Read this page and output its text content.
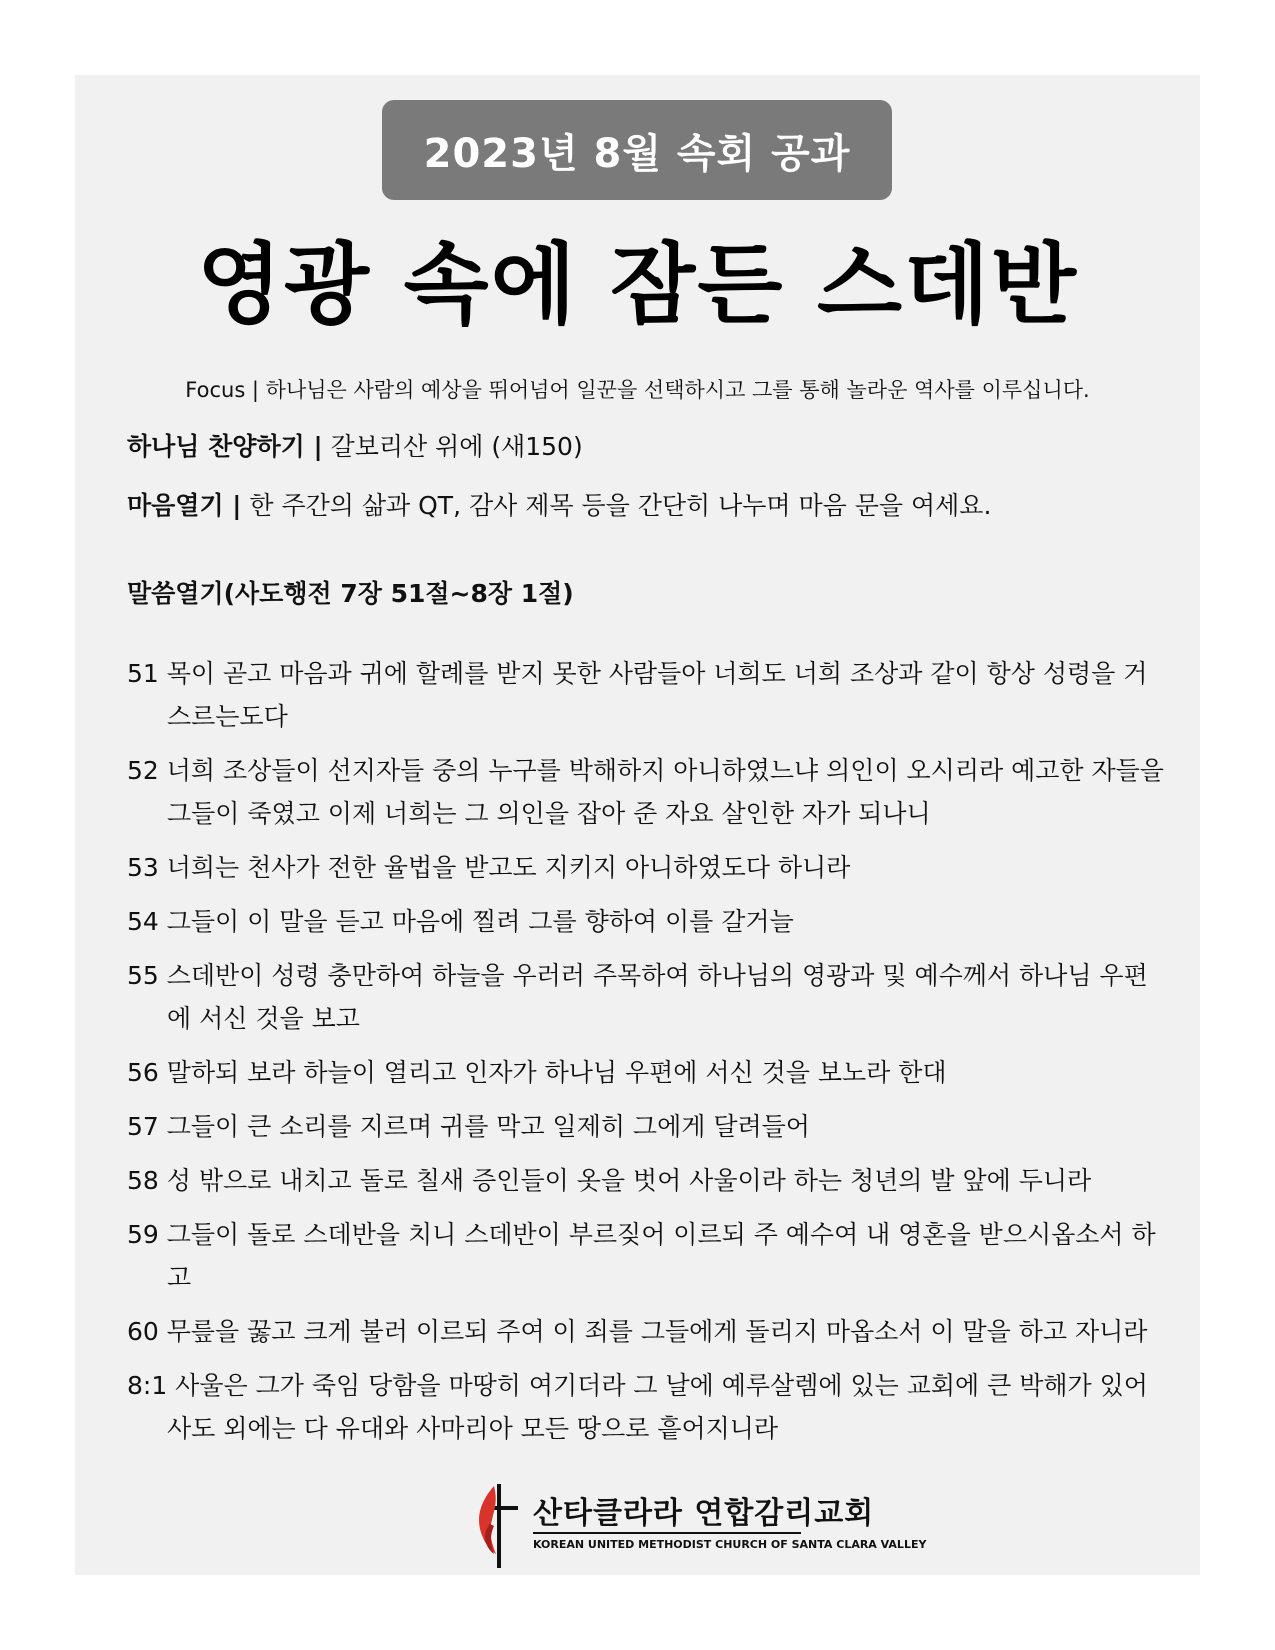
2023년 8월 속회 공과
영광 속에 잠든 스데반
Focus | 하나님은 사람의 예상을 뛰어넘어 일꾼을 선택하시고 그를 통해 놀라운 역사를 이루십니다.
하나님 찬양하기 | 갈보리산 위에 (새150)
마음열기 | 한 주간의 삶과 QT, 감사 제목 등을 간단히 나누며 마음 문을 여세요.
말씀열기(사도행전 7장 51절~8장 1절)
51 목이 곧고 마음과 귀에 할례를 받지 못한 사람들아 너희도 너희 조상과 같이 항상 성령을 거스르는도다
52 너희 조상들이 선지자들 중의 누구를 박해하지 아니하였느냐 의인이 오시리라 예고한 자들을 그들이 죽였고 이제 너희는 그 의인을 잡아 준 자요 살인한 자가 되나니
53 너희는 천사가 전한 율법을 받고도 지키지 아니하였도다 하니라
54 그들이 이 말을 듣고 마음에 찔려 그를 향하여 이를 갈거늘
55 스데반이 성령 충만하여 하늘을 우러러 주목하여 하나님의 영광과 및 예수께서 하나님 우편에 서신 것을 보고
56 말하되 보라 하늘이 열리고 인자가 하나님 우편에 서신 것을 보노라 한대
57 그들이 큰 소리를 지르며 귀를 막고 일제히 그에게 달려들어
58 성 밖으로 내치고 돌로 칠새 증인들이 옷을 벗어 사울이라 하는 청년의 발 앞에 두니라
59 그들이 돌로 스데반을 치니 스데반이 부르짖어 이르되 주 예수여 내 영혼을 받으시옵소서 하고
60 무릎을 꿇고 크게 불러 이르되 주여 이 죄를 그들에게 돌리지 마옵소서 이 말을 하고 자니라
8:1 사울은 그가 죽임 당함을 마땅히 여기더라 그 날에 예루살렘에 있는 교회에 큰 박해가 있어 사도 외에는 다 유대와 사마리아 모든 땅으로 흩어지니라
산타클라라 연합감리교회
KOREAN UNITED METHODIST CHURCH OF SANTA CLARA VALLEY
